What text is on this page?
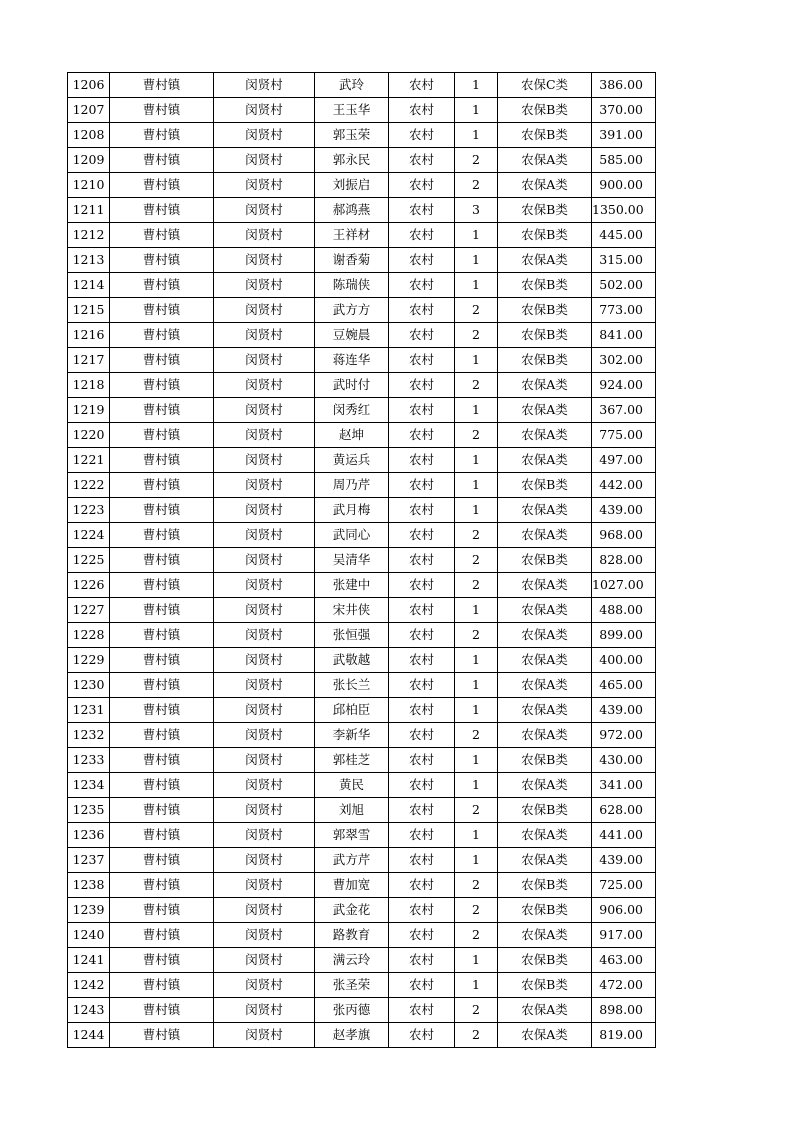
1206	曹村镇	闵贤村	武玲	农村	1	农保C类	386.00
1207	曹村镇	闵贤村	王玉华	农村	1	农保B类	370.00
1208	曹村镇	闵贤村	郭玉荣	农村	1	农保B类	391.00
1209	曹村镇	闵贤村	郭永民	农村	2	农保A类	585.00
1210	曹村镇	闵贤村	刘振启	农村	2	农保A类	900.00
1211	曹村镇	闵贤村	郝鸿燕	农村	3	农保B类	1350.00
1212	曹村镇	闵贤村	王祥材	农村	1	农保B类	445.00
1213	曹村镇	闵贤村	谢香菊	农村	1	农保A类	315.00
1214	曹村镇	闵贤村	陈瑞侠	农村	1	农保B类	502.00
1215	曹村镇	闵贤村	武方方	农村	2	农保B类	773.00
1216	曹村镇	闵贤村	豆婉晨	农村	2	农保B类	841.00
1217	曹村镇	闵贤村	蒋连华	农村	1	农保B类	302.00
1218	曹村镇	闵贤村	武时付	农村	2	农保A类	924.00
1219	曹村镇	闵贤村	闵秀红	农村	1	农保A类	367.00
1220	曹村镇	闵贤村	赵坤	农村	2	农保A类	775.00
1221	曹村镇	闵贤村	黄运兵	农村	1	农保A类	497.00
1222	曹村镇	闵贤村	周乃芹	农村	1	农保B类	442.00
1223	曹村镇	闵贤村	武月梅	农村	1	农保A类	439.00
1224	曹村镇	闵贤村	武同心	农村	2	农保A类	968.00
1225	曹村镇	闵贤村	吴清华	农村	2	农保B类	828.00
1226	曹村镇	闵贤村	张建中	农村	2	农保A类	1027.00
1227	曹村镇	闵贤村	宋井侠	农村	1	农保A类	488.00
1228	曹村镇	闵贤村	张恒强	农村	2	农保A类	899.00
1229	曹村镇	闵贤村	武敬越	农村	1	农保A类	400.00
1230	曹村镇	闵贤村	张长兰	农村	1	农保A类	465.00
1231	曹村镇	闵贤村	邱柏臣	农村	1	农保A类	439.00
1232	曹村镇	闵贤村	李新华	农村	2	农保A类	972.00
1233	曹村镇	闵贤村	郭桂芝	农村	1	农保B类	430.00
1234	曹村镇	闵贤村	黄民	农村	1	农保A类	341.00
1235	曹村镇	闵贤村	刘旭	农村	2	农保B类	628.00
1236	曹村镇	闵贤村	郭翠雪	农村	1	农保A类	441.00
1237	曹村镇	闵贤村	武方芹	农村	1	农保A类	439.00
1238	曹村镇	闵贤村	曹加宽	农村	2	农保B类	725.00
1239	曹村镇	闵贤村	武金花	农村	2	农保B类	906.00
1240	曹村镇	闵贤村	路教育	农村	2	农保A类	917.00
1241	曹村镇	闵贤村	满云玲	农村	1	农保B类	463.00
1242	曹村镇	闵贤村	张圣荣	农村	1	农保B类	472.00
1243	曹村镇	闵贤村	张丙德	农村	2	农保A类	898.00
1244	曹村镇	闵贤村	赵孝旗	农村	2	农保A类	819.00
